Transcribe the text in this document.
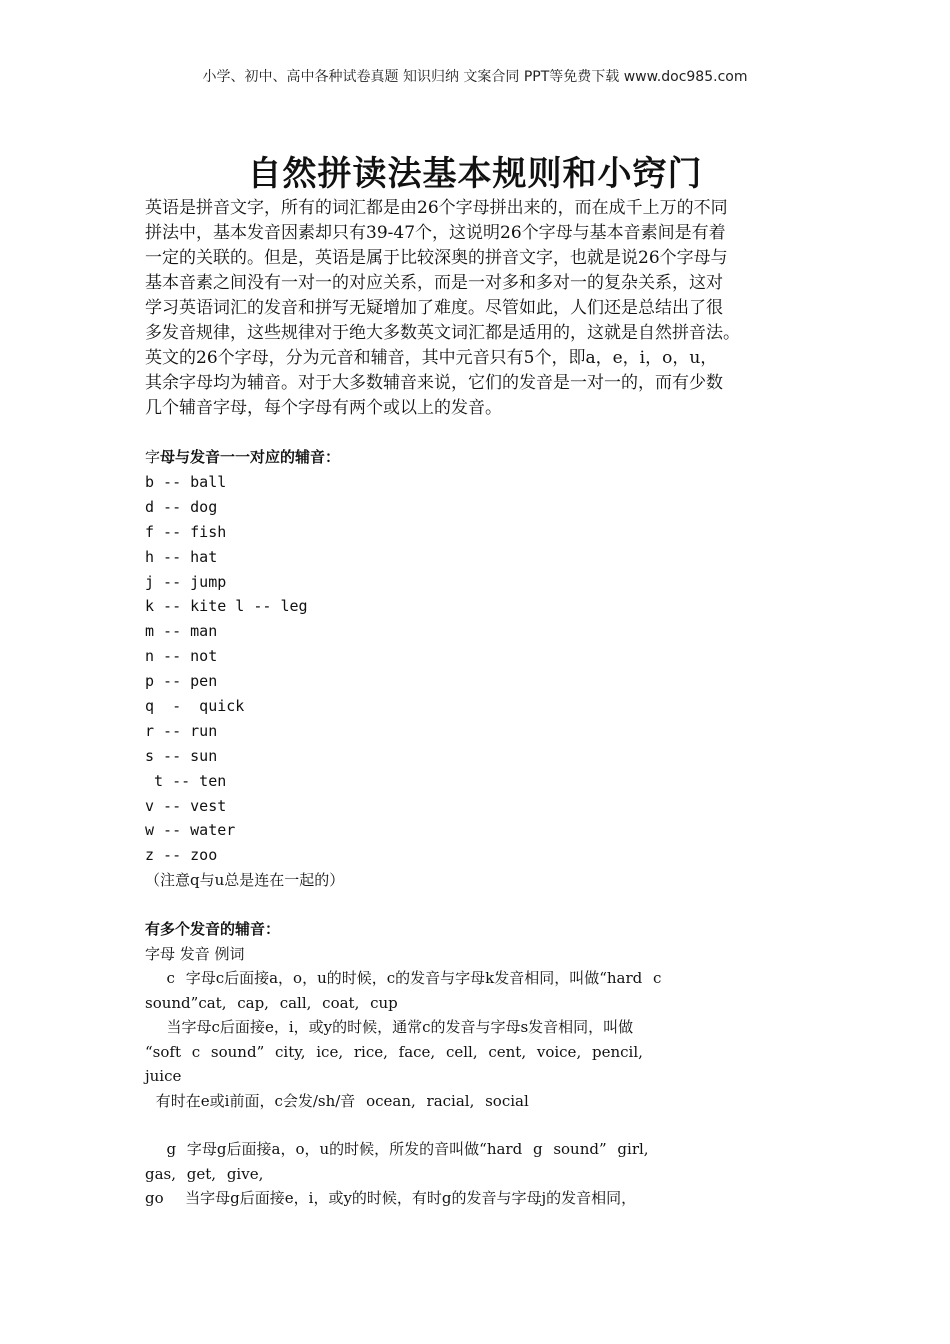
小学、初中、高中各种试卷真题 知识归纳 文案合同 PPT等免费下载 www.doc985.com
自然拼读法基本规则和小窍门
英语是拼音文字，所有的词汇都是由26个字母拼出来的，而在成千上万的不同
拼法中，基本发音因素却只有39-47个，这说明26个字母与基本音素间是有着
一定的关联的。但是，英语是属于比较深奥的拼音文字，也就是说26个字母与
基本音素之间没有一对一的对应关系，而是一对多和多对一的复杂关系，这对
学习英语词汇的发音和拼写无疑增加了难度。尽管如此，人们还是总结出了很
多发音规律，这些规律对于绝大多数英文词汇都是适用的，这就是自然拼音法。
英文的26个字母，分为元音和辅音，其中元音只有5个，即a，e，i，o，u，
其余字母均为辅音。对于大多数辅音来说，它们的发音是一对一的，而有少数
几个辅音字母，每个字母有两个或以上的发音。
字母与发音一一对应的辅音：
b -- ball
d -- dog
f -- fish
h -- hat
j -- jump
k -- kite l -- leg
m -- man
n -- not
p -- pen
q  -  quick
r -- run
s -- sun
t -- ten
v -- vest
w -- water
z -- zoo
（注意q与u总是连在一起的）
有多个发音的辅音：
字母 发音 例词
c 字母c后面接a，o，u的时候，c的发音与字母k发音相同，叫做“hard c
sound”cat, cap, call, coat, cup
当字母c后面接e，i，或y的时候，通常c的发音与字母s发音相同，叫做
“soft c sound” city, ice, rice, face, cell, cent, voice, pencil,
juice
有时在e或i前面，c会发/sh/音 ocean, racial, social
g 字母g后面接a，o，u的时候，所发的音叫做“hard g sound” girl,
gas, get, give,
go  当字母g后面接e，i，或y的时候，有时g的发音与字母j的发音相同，
